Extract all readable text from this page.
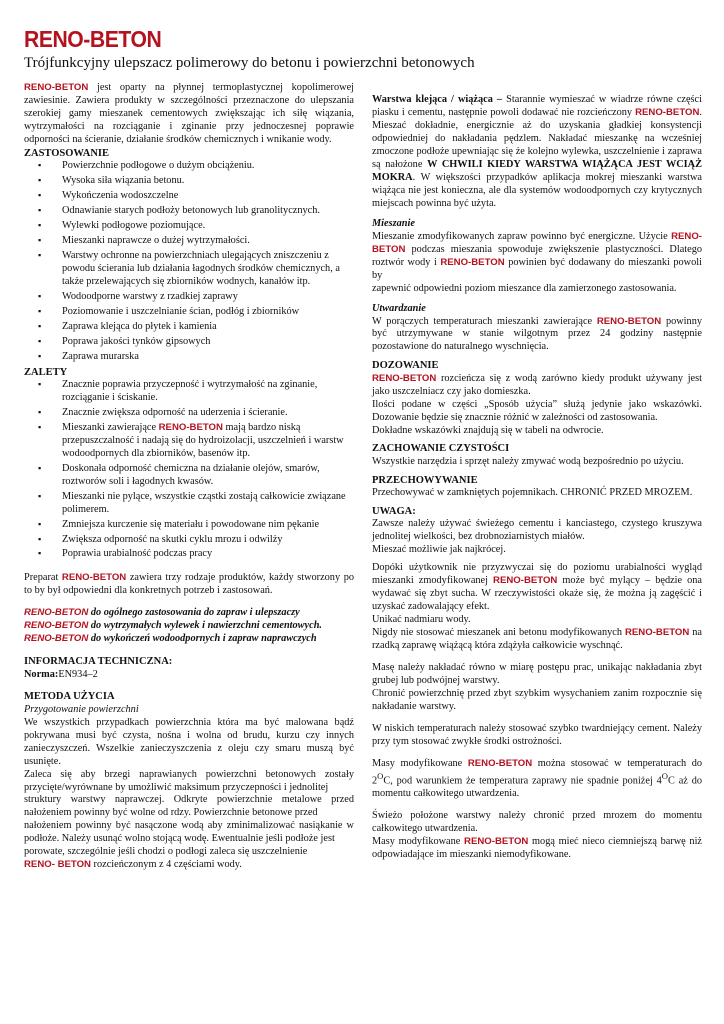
RENO-BETON
Trójfunkcyjny ulepszacz polimerowy do betonu i powierzchni betonowych

RENO-BETON jest oparty na płynnej termoplastycznej kopolimerowej zawiesinie. Zawiera produkty w szczególności przeznaczone do ulepszania szerokiej gamy mieszanek cementowych zwiększając ich siłę wiązania, wytrzymałości na rozciąganie i zginanie przy jednoczesnej poprawie odporności na ścieranie, działanie środków chemicznych i wnikanie wody.

ZASTOSOWANIE
▪ Powierzchnie podłogowe o dużym obciążeniu.
▪ Wysoka siła wiązania betonu.
▪ Wykończenia wodoszczelne
▪ Odnawianie starych podłoży betonowych lub granolitycznych.
▪ Wylewki podłogowe poziomujące.
▪ Mieszanki naprawcze o dużej wytrzymałości.
▪ Warstwy ochronne na powierzchniach ulegających zniszczeniu z powodu ścierania lub działania łagodnych środków chemicznych, a także przelewających się zbiorników wodnych, kanałów itp.
▪ Wodoodporne warstwy z rzadkiej zaprawy
▪ Poziomowanie i uszczelnianie ścian, podłóg i zbiorników
▪ Zaprawa klejąca do płytek i kamienia
▪ Poprawa jakości tynków gipsowych
▪ Zaprawa murarska
ZALETY
▪ Znacznie poprawia przyczepność i wytrzymałość na zginanie, rozciąganie i ściskanie.
▪ Znacznie zwiększa odporność na uderzenia i ścieranie.
▪ Mieszanki zawierające RENO-BETON mają bardzo niską przepuszczalność i nadają się do hydroizolacji, uszczelnień i warstw wodoodpornych dla zbiorników, basenów itp.
▪ Doskonała odporność chemiczna na działanie olejów, smarów, roztworów soli i łagodnych kwasów.
▪ Mieszanki nie pylące, wszystkie cząstki zostają całkowicie związane polimerem.
▪ Zmniejsza kurczenie się materiału i powodowane nim pękanie
▪ Zwiększa odporność na skutki cyklu mrozu i odwilży
▪ Poprawia urabialność podczas pracy

Preparat RENO-BETON zawiera trzy rodzaje produktów, każdy stworzony po to by był odpowiedni dla konkretnych potrzeb i zastosowań.

RENO-BETON do ogólnego zastosowania do zapraw i ulepszaczy

RENO-BETON do wytrzymałych wylewek i nawierzchni cementowych.

RENO-BETON do wykończeń wodoodpornych i zapraw naprawczych

INFORMACJA TECHNICZNA:

Norma:EN934–2

METODA UŻYCIA

Przygotowanie powierzchni

We wszystkich przypadkach powierzchnia która ma być malowana bądź pokrywana musi być czysta, nośna i wolna od brudu, kurzu czy innych zanieczyszczeń. Wszelkie zanieczyszczenia z oleju czy smaru muszą być usunięte.

Zaleca się aby brzegi naprawianych powierzchni betonowych zostały przycięte/wyrównane by umożliwić maksimum przyczepności i jednolitej

struktury warstwy naprawczej. Odkryte powierzchnie metalowe przed nałożeniem powinny być wolne od rdzy. Powierzchnie betonowe przed

nałożeniem powinny być nasączone wodą aby zminimalizować nasiąkanie w podłoże. Należy usunąć wolno stojącą wodę. Ewentualnie jeśli podłoże jest

porowate, szczególnie jeśli chodzi o podłogi zaleca się uszczelnienie

RENO- BETON rozcieńczonym z 4 częściami wody.

Warstwa klejąca / wiążąca – Starannie wymieszać w wiadrze równe części piasku i cementu, następnie powoli dodawać nie rozcieńczony RENO-BETON. Mieszać dokładnie, energicznie aż do uzyskania gładkiej konsystencji odpowiedniej do nakładania pędzlem. Nakładać mieszankę na wcześniej zmoczone podłoże upewniając się że kolejno wylewka, uszczelnienie i zaprawa są nałożone W CHWILI KIEDY WARSTWA WIĄŻĄCA JEST WCIĄŻ MOKRA. W większości przypadków aplikacja mokrej mieszanki warstwa wiążąca nie jest konieczna, ale dla systemów wodoodpornych czy krytycznych miejscach powinna być użyta.

Mieszanie

Mieszanie zmodyfikowanych zapraw powinno być energiczne. Użycie RENO- BETON podczas mieszania spowoduje zwiększenie plastyczności. Dlatego roztwór wody i RENO-BETON powinien być dodawany do mieszanki powoli by

zapewnić odpowiedni poziom mieszance dla zamierzonego zastosowania.

Utwardzanie

W porączych temperaturach mieszanki zawierające RENO-BETON powinny być utrzymywane w stanie wilgotnym przez 24 godziny następnie pozostawione do naturalnego wyschnięcia.

DOZOWANIE

RENO-BETON rozcieńcza się z wodą zarówno kiedy produkt używany jest jako uszczelniacz czy jako domieszka.

Ilości podane w części „Sposób użycia” służą jedynie jako wskazówki. Dozowanie będzie się znacznie różnić w zależności od zastosowania.

Dokładne wskazówki znajdują się w tabeli na odwrocie.

ZACHOWANIE CZYSTOŚCI

Wszystkie narzędzia i sprzęt należy zmywać wodą bezpośrednio po użyciu.

PRZECHOWYWANIE

Przechowywać w zamkniętych pojemnikach. CHRONIĆ PRZED MROZEM.

UWAGA:

Zawsze należy używać świeżego cementu i kanciastego, czystego kruszywa jednolitej wielkości, bez drobnoziarnistych miałów.

Mieszać możliwie jak najkrócej.

Dopóki użytkownik nie przyzwyczai się do poziomu urabialności wygląd mieszanki zmodyfikowanej RENO-BETON może być mylący – będzie ona wydawać się zbyt sucha. W rzeczywistości okaże się, że można ją zagęścić i uzyskać zadowalający efekt.

Unikać nadmiaru wody.

Nigdy nie stosować mieszanek ani betonu modyfikowanych RENO-BETON na rzadką zaprawę wiążącą która zdążyła całkowicie wyschnąć.

Masę należy nakładać równo w miarę postępu prac, unikając nakładania zbyt grubej lub podwójnej warstwy.

Chronić powierzchnię przed zbyt szybkim wysychaniem zanim rozpocznie się nakładanie warstwy.

W niskich temperaturach należy stosować szybko twardniejący cement. Należy przy tym stosować zwykłe środki ostrożności.

Masy modyfikowane RENO-BETON można stosować w temperaturach do $2^OC$, pod warunkiem że temperatura zaprawy nie spadnie poniżej $4^OC$ aż do momentu całkowitego utwardzenia.

Świeżo położone warstwy należy chronić przed mrozem do momentu całkowitego utwardzenia.

Masy modyfikowane RENO-BETON mogą mieć nieco ciemniejszą barwę niż odpowiadające im mieszanki niemodyfikowane.
